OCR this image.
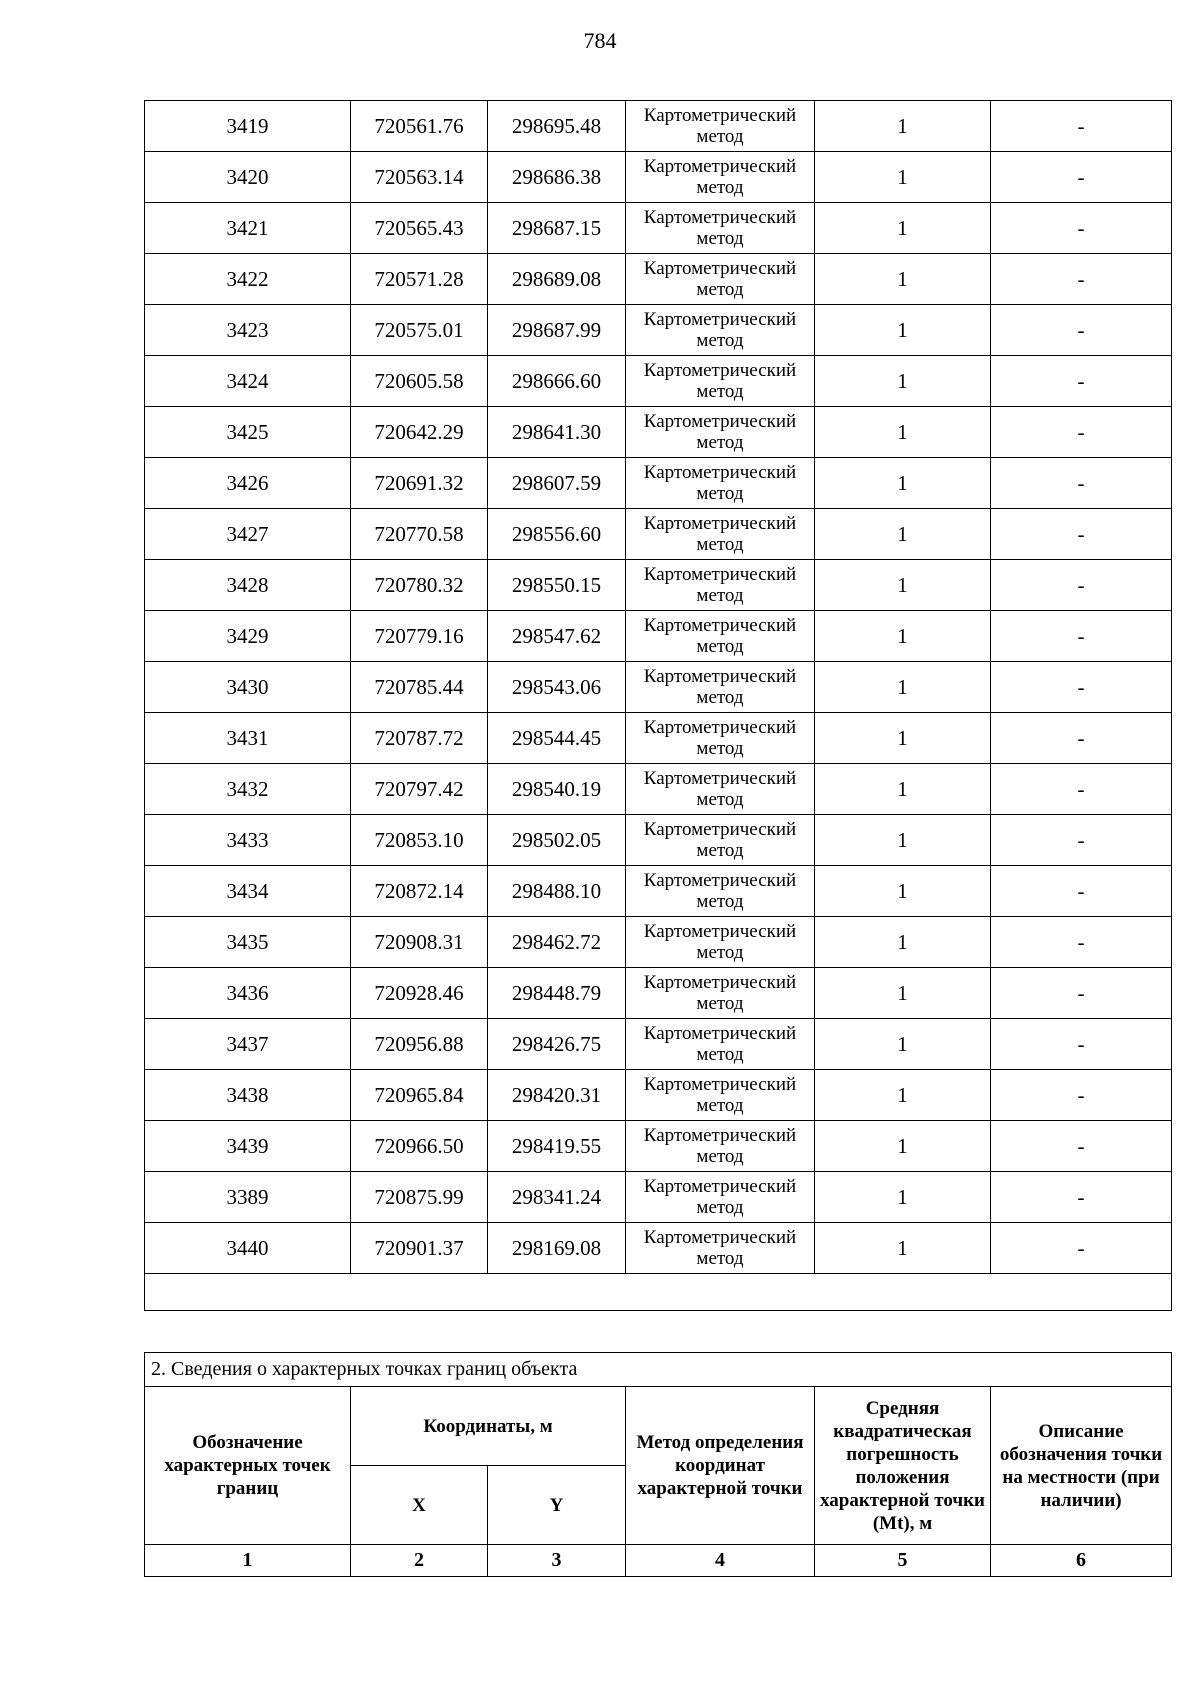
784
3419	720561.76	298695.48	Картометрический метод	1	-
3420	720563.14	298686.38	Картометрический метод	1	-
3421	720565.43	298687.15	Картометрический метод	1	-
3422	720571.28	298689.08	Картометрический метод	1	-
3423	720575.01	298687.99	Картометрический метод	1	-
3424	720605.58	298666.60	Картометрический метод	1	-
3425	720642.29	298641.30	Картометрический метод	1	-
3426	720691.32	298607.59	Картометрический метод	1	-
3427	720770.58	298556.60	Картометрический метод	1	-
3428	720780.32	298550.15	Картометрический метод	1	-
3429	720779.16	298547.62	Картометрический метод	1	-
3430	720785.44	298543.06	Картометрический метод	1	-
3431	720787.72	298544.45	Картометрический метод	1	-
3432	720797.42	298540.19	Картометрический метод	1	-
3433	720853.10	298502.05	Картометрический метод	1	-
3434	720872.14	298488.10	Картометрический метод	1	-
3435	720908.31	298462.72	Картометрический метод	1	-
3436	720928.46	298448.79	Картометрический метод	1	-
3437	720956.88	298426.75	Картометрический метод	1	-
3438	720965.84	298420.31	Картометрический метод	1	-
3439	720966.50	298419.55	Картометрический метод	1	-
3389	720875.99	298341.24	Картометрический метод	1	-
3440	720901.37	298169.08	Картометрический метод	1	-

2. Сведения о характерных точках границ объекта					
Обозначение характерных точек границ	Координаты, м		Метод определения координат характерной точки	Средняя квадратическая погрешность положения характерной точки (Mt), м	Описание обозначения точки на местности (при наличии)
	X	Y			
1	2	3	4	5	6
